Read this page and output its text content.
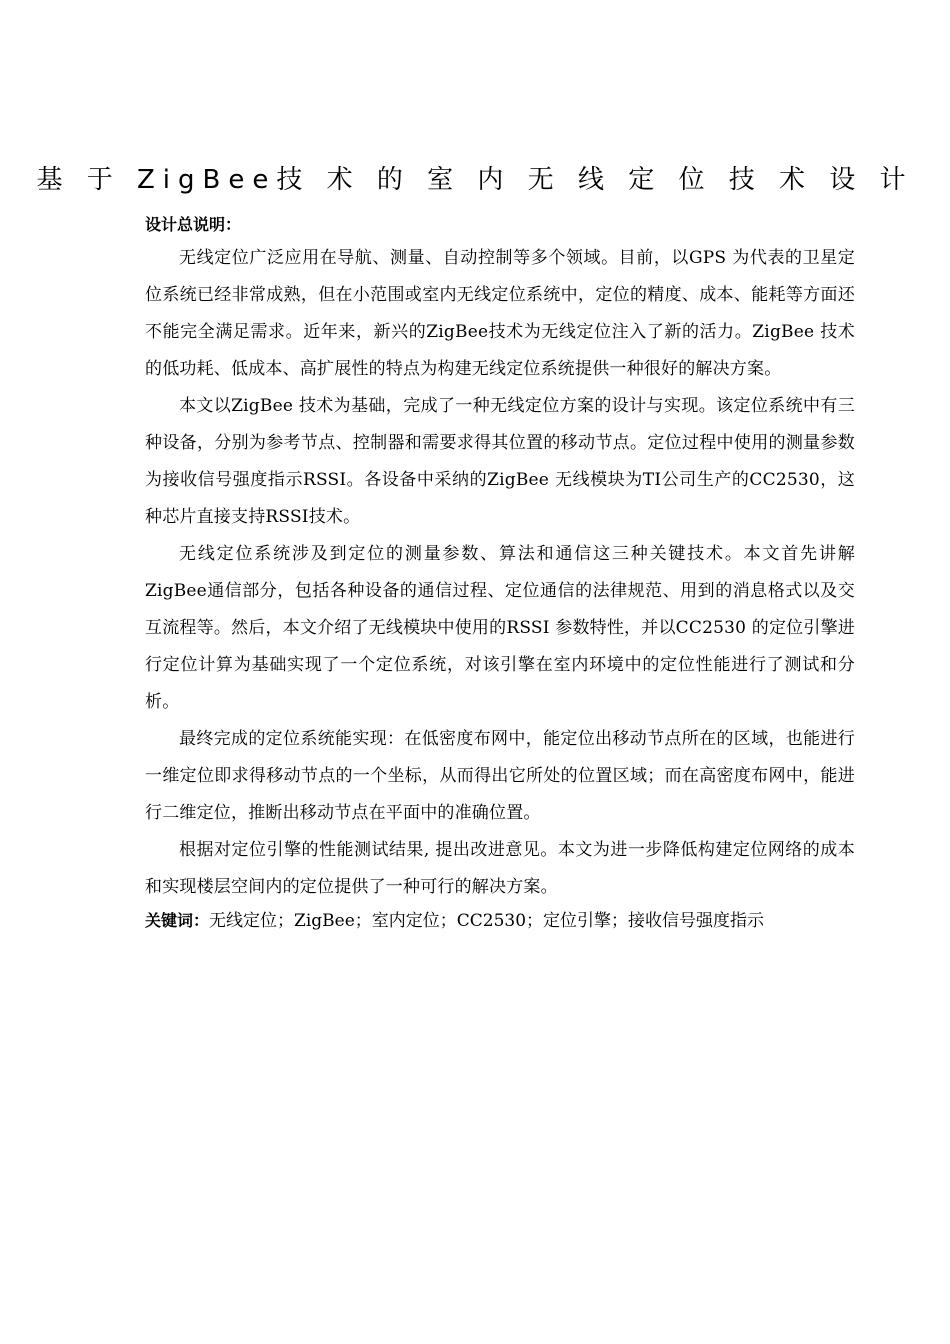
基 于 ZigBee技 术 的 室 内 无 线 定 位 技 术 设 计
设计总说明：

无线定位广泛应用在导航、测量、自动控制等多个领域。目前，以GPS 为代表的卫星定位系统已经非常成熟，但在小范围或室内无线定位系统中，定位的精度、成本、能耗等方面还不能完全满足需求。近年来，新兴的ZigBee技术为无线定位注入了新的活力。ZigBee 技术的低功耗、低成本、高扩展性的特点为构建无线定位系统提供一种很好的解决方案。

本文以ZigBee 技术为基础，完成了一种无线定位方案的设计与实现。该定位系统中有三种设备，分别为参考节点、控制器和需要求得其位置的移动节点。定位过程中使用的测量参数为接收信号强度指示RSSI。各设备中采纳的ZigBee 无线模块为TI公司生产的CC2530，这种芯片直接支持RSSI技术。

无线定位系统涉及到定位的测量参数、算法和通信这三种关键技术。本文首先讲解ZigBee通信部分，包括各种设备的通信过程、定位通信的法律规范、用到的消息格式以及交互流程等。然后，本文介绍了无线模块中使用的RSSI 参数特性，并以CC2530 的定位引擎进行定位计算为基础实现了一个定位系统，对该引擎在室内环境中的定位性能进行了测试和分析。

最终完成的定位系统能实现：在低密度布网中，能定位出移动节点所在的区域，也能进行一维定位即求得移动节点的一个坐标，从而得出它所处的位置区域；而在高密度布网中，能进行二维定位，推断出移动节点在平面中的准确位置。

根据对定位引擎的性能测试结果, 提出改进意见。本文为进一步降低构建定位网络的成本和实现楼层空间内的定位提供了一种可行的解决方案。

关键词：无线定位；ZigBee；室内定位；CC2530；定位引擎；接收信号强度指示
